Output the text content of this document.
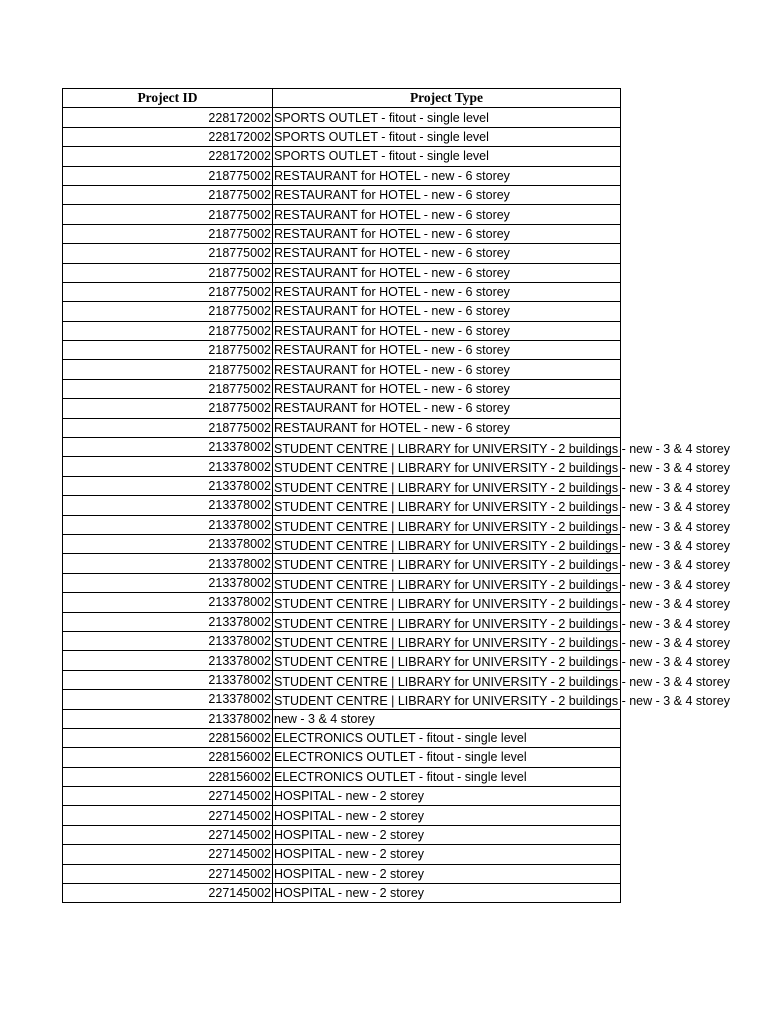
Project ID	Project Type
228172002	SPORTS OUTLET - fitout - single level
228172002	SPORTS OUTLET - fitout - single level
228172002	SPORTS OUTLET - fitout - single level
218775002	RESTAURANT for HOTEL - new - 6 storey
218775002	RESTAURANT for HOTEL - new - 6 storey
218775002	RESTAURANT for HOTEL - new - 6 storey
218775002	RESTAURANT for HOTEL - new - 6 storey
218775002	RESTAURANT for HOTEL - new - 6 storey
218775002	RESTAURANT for HOTEL - new - 6 storey
218775002	RESTAURANT for HOTEL - new - 6 storey
218775002	RESTAURANT for HOTEL - new - 6 storey
218775002	RESTAURANT for HOTEL - new - 6 storey
218775002	RESTAURANT for HOTEL - new - 6 storey
218775002	RESTAURANT for HOTEL - new - 6 storey
218775002	RESTAURANT for HOTEL - new - 6 storey
218775002	RESTAURANT for HOTEL - new - 6 storey
218775002	RESTAURANT for HOTEL - new - 6 storey
213378002	STUDENT CENTRE | LIBRARY for UNIVERSITY - 2 buildings - new - 3 & 4 storey

213378002	STUDENT CENTRE | LIBRARY for UNIVERSITY - 2 buildings - new - 3 & 4 storey

213378002	STUDENT CENTRE | LIBRARY for UNIVERSITY - 2 buildings - new - 3 & 4 storey

213378002	STUDENT CENTRE | LIBRARY for UNIVERSITY - 2 buildings - new - 3 & 4 storey

213378002	STUDENT CENTRE | LIBRARY for UNIVERSITY - 2 buildings - new - 3 & 4 storey

213378002	STUDENT CENTRE | LIBRARY for UNIVERSITY - 2 buildings - new - 3 & 4 storey

213378002	STUDENT CENTRE | LIBRARY for UNIVERSITY - 2 buildings - new - 3 & 4 storey

213378002	STUDENT CENTRE | LIBRARY for UNIVERSITY - 2 buildings - new - 3 & 4 storey

213378002	STUDENT CENTRE | LIBRARY for UNIVERSITY - 2 buildings - new - 3 & 4 storey

213378002	STUDENT CENTRE | LIBRARY for UNIVERSITY - 2 buildings - new - 3 & 4 storey

213378002	STUDENT CENTRE | LIBRARY for UNIVERSITY - 2 buildings - new - 3 & 4 storey

213378002	STUDENT CENTRE | LIBRARY for UNIVERSITY - 2 buildings - new - 3 & 4 storey

213378002	STUDENT CENTRE | LIBRARY for UNIVERSITY - 2 buildings - new - 3 & 4 storey

213378002	STUDENT CENTRE | LIBRARY for UNIVERSITY - 2 buildings - new - 3 & 4 storey

213378002	new - 3 & 4 storey
228156002	ELECTRONICS OUTLET - fitout - single level
228156002	ELECTRONICS OUTLET - fitout - single level
228156002	ELECTRONICS OUTLET - fitout - single level
227145002	HOSPITAL - new - 2 storey
227145002	HOSPITAL - new - 2 storey
227145002	HOSPITAL - new - 2 storey
227145002	HOSPITAL - new - 2 storey
227145002	HOSPITAL - new - 2 storey
227145002	HOSPITAL - new - 2 storey
